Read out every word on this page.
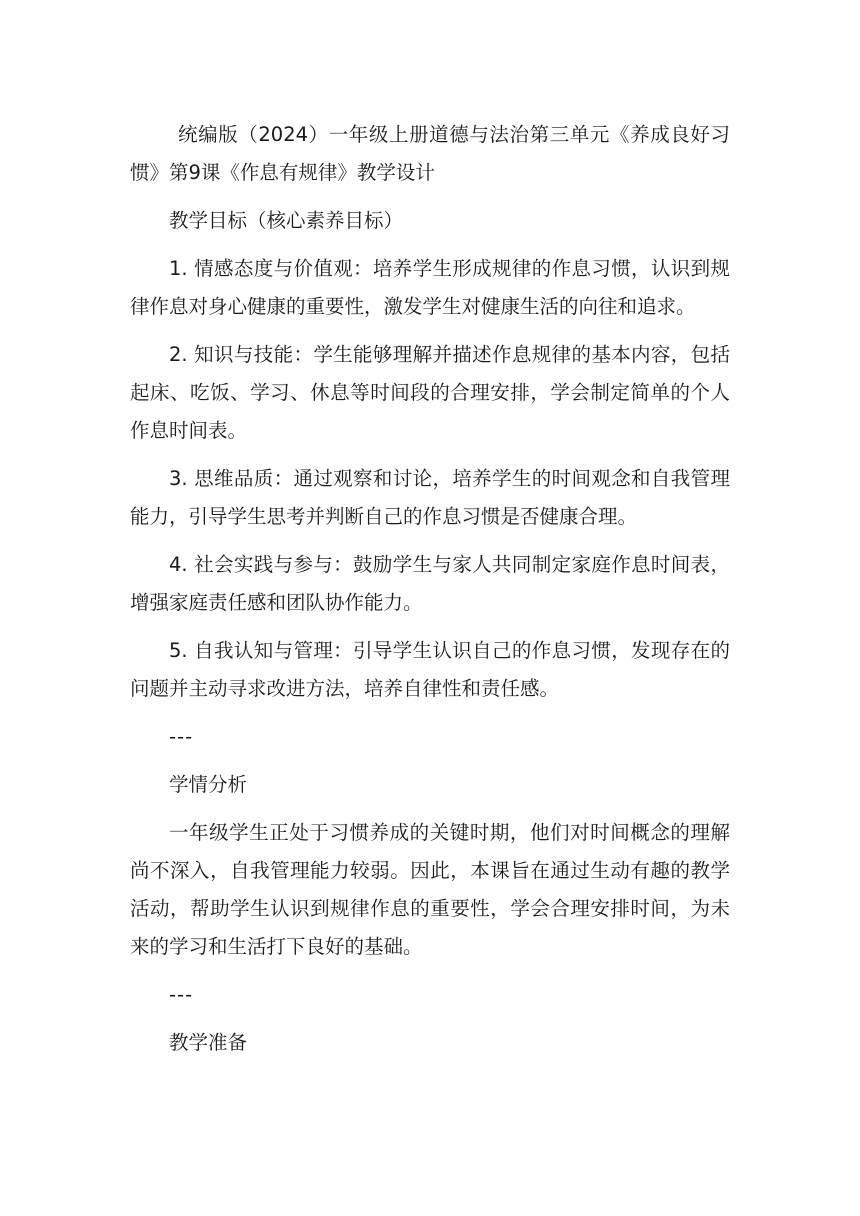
统编版（2024）一年级上册道德与法治第三单元《养成良好习惯》第9课《作息有规律》教学设计

教学目标（核心素养目标）

1. 情感态度与价值观：培养学生形成规律的作息习惯，认识到规律作息对身心健康的重要性，激发学生对健康生活的向往和追求。

2. 知识与技能：学生能够理解并描述作息规律的基本内容，包括起床、吃饭、学习、休息等时间段的合理安排，学会制定简单的个人作息时间表。

3. 思维品质：通过观察和讨论，培养学生的时间观念和自我管理能力，引导学生思考并判断自己的作息习惯是否健康合理。

4. 社会实践与参与：鼓励学生与家人共同制定家庭作息时间表，增强家庭责任感和团队协作能力。

5. 自我认知与管理：引导学生认识自己的作息习惯，发现存在的问题并主动寻求改进方法，培养自律性和责任感。

---

学情分析

一年级学生正处于习惯养成的关键时期，他们对时间概念的理解尚不深入，自我管理能力较弱。因此，本课旨在通过生动有趣的教学活动，帮助学生认识到规律作息的重要性，学会合理安排时间，为未来的学习和生活打下良好的基础。

---

教学准备
